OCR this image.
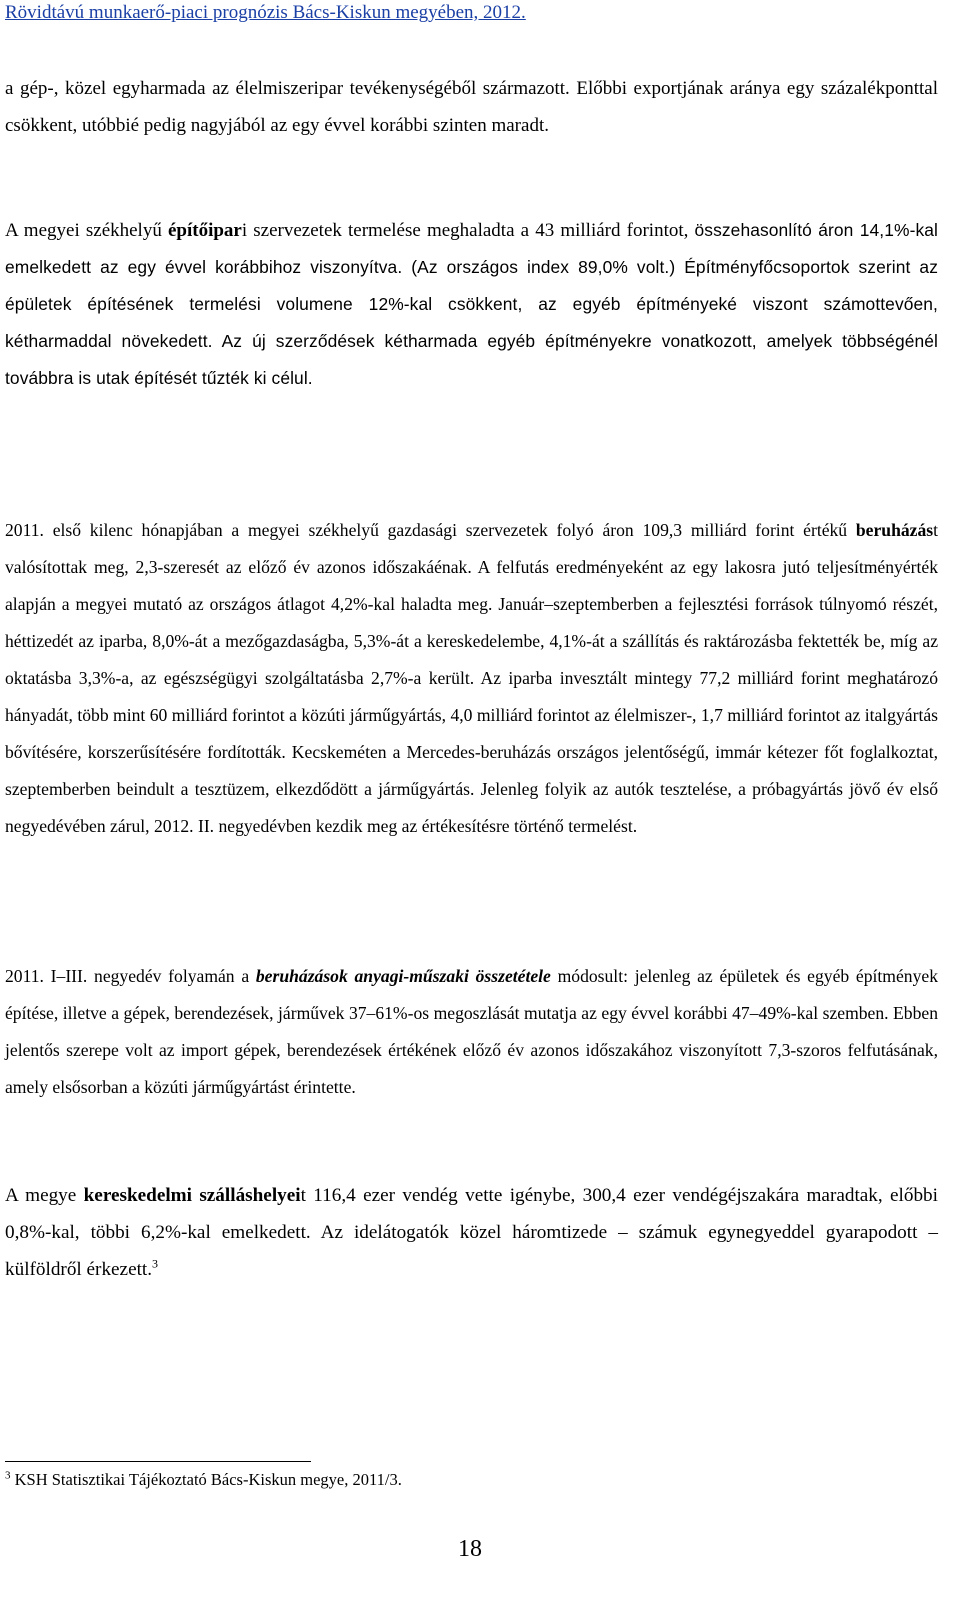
Rövidtávú munkaerő-piaci prognózis Bács-Kiskun megyében, 2012.
a gép-, közel egyharmada az élelmiszeripar tevékenységéből származott. Előbbi exportjának aránya egy százalékponttal csökkent, utóbbié pedig nagyjából az egy évvel korábbi szinten maradt.
A megyei székhelyű építőipari szervezetek termelése meghaladta a 43 milliárd forintot, összehasonlító áron 14,1%-kal emelkedett az egy évvel korábbihoz viszonyítva. (Az országos index 89,0% volt.) Építményfőcsoportok szerint az épületek építésének termelési volumene 12%-kal csökkent, az egyéb építményeké viszont számottevően, kétharmaddal növekedett. Az új szerződések kétharmada egyéb építményekre vonatkozott, amelyek többségénél továbbra is utak építését tűzték ki célul.
2011. első kilenc hónapjában a megyei székhelyű gazdasági szervezetek folyó áron 109,3 milliárd forint értékű beruházást valósítottak meg, 2,3-szeresét az előző év azonos időszakáénak. A felfutás eredményeként az egy lakosra jutó teljesítményérték alapján a megyei mutató az országos átlagot 4,2%-kal haladta meg. Január–szeptemberben a fejlesztési források túlnyomó részét, héttizedét az iparba, 8,0%-át a mezőgazdaságba, 5,3%-át a kereskedelembe, 4,1%-át a szállítás és raktározásba fektették be, míg az oktatásba 3,3%-a, az egészségügyi szolgáltatásba 2,7%-a került. Az iparba invesztált mintegy 77,2 milliárd forint meghatározó hányadát, több mint 60 milliárd forintot a közúti járműgyártás, 4,0 milliárd forintot az élelmiszer-, 1,7 milliárd forintot az italgyártás bővítésére, korszerűsítésére fordították. Kecskeméten a Mercedes-beruházás országos jelentőségű, immár kétezer főt foglalkoztat, szeptemberben beindult a tesztüzem, elkezdődött a járműgyártás. Jelenleg folyik az autók tesztelése, a próbagyártás jövő év első negyedévében zárul, 2012. II. negyedévben kezdik meg az értékesítésre történő termelést.
2011. I–III. negyedév folyamán a beruházások anyagi-műszaki összetétele módosult: jelenleg az épületek és egyéb építmények építése, illetve a gépek, berendezések, járművek 37–61%-os megoszlását mutatja az egy évvel korábbi 47–49%-kal szemben. Ebben jelentős szerepe volt az import gépek, berendezések értékének előző év azonos időszakához viszonyított 7,3-szoros felfutásának, amely elsősorban a közúti járműgyártást érintette.
A megye kereskedelmi szálláshelyeit 116,4 ezer vendég vette igénybe, 300,4 ezer vendégéjszakára maradtak, előbbi 0,8%-kal, többi 6,2%-kal emelkedett. Az idelátogatók közel háromtizede – számuk egynegyeddel gyarapodott – külföldről érkezett.$^3$
$^3$ KSH Statisztikai Tájékoztató Bács-Kiskun megye, 2011/3.
18
